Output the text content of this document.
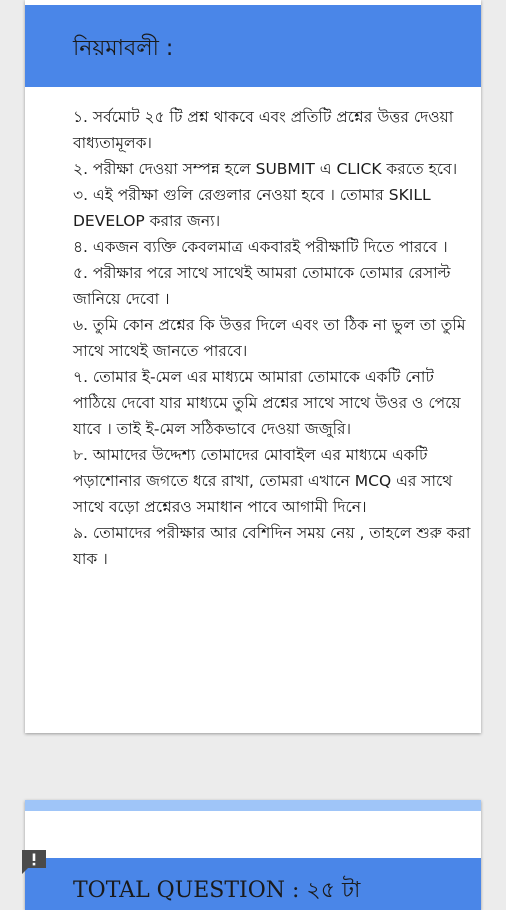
নিয়মাবলী :

১. সর্বমোট ২৫ টি প্রশ্ন থাকবে এবং প্রতিটি প্রশ্নের উত্তর দেওয়া বাধ্যতামূলক।

২. পরীক্ষা দেওয়া সম্পন্ন হলে SUBMIT এ CLICK করতে হবে।

৩. এই পরীক্ষা গুলি রেগুলার নেওয়া হবে । তোমার SKILL DEVELOP করার জন্য।

৪. একজন ব্যক্তি কেবলমাত্র একবারই পরীক্ষাটি দিতে পারবে ।

৫. পরীক্ষার পরে সাথে সাথেই আমরা তোমাকে তোমার রেসাল্ট জানিয়ে দেবো ।

৬. তুমি কোন প্রশ্নের কি উত্তর দিলে এবং তা ঠিক না ভুল তা তুমি সাথে সাথেই জানতে পারবে।

৭. তোমার ই-মেল এর মাধ্যমে আমারা তোমাকে একটি নোট পাঠিয়ে দেবো যার মাধ্যমে তুমি প্রশ্নের সাথে সাথে উওর ও পেয়ে যাবে । তাই ই-মেল সঠিকভাবে দেওয়া জজুরি।

৮. আমাদের উদ্দেশ্য তোমাদের মোবাইল এর মাধ্যমে একটি পড়াশোনার জগতে ধরে রাখা, তোমরা এখানে MCQ এর সাথে সাথে বড়ো প্রশ্নেরও সমাধান পাবে আগামী দিনে।

৯. তোমাদের পরীক্ষার আর বেশিদিন সময় নেয় , তাহলে শুরু করা যাক ।

TOTAL QUESTION : ২৫ টা
